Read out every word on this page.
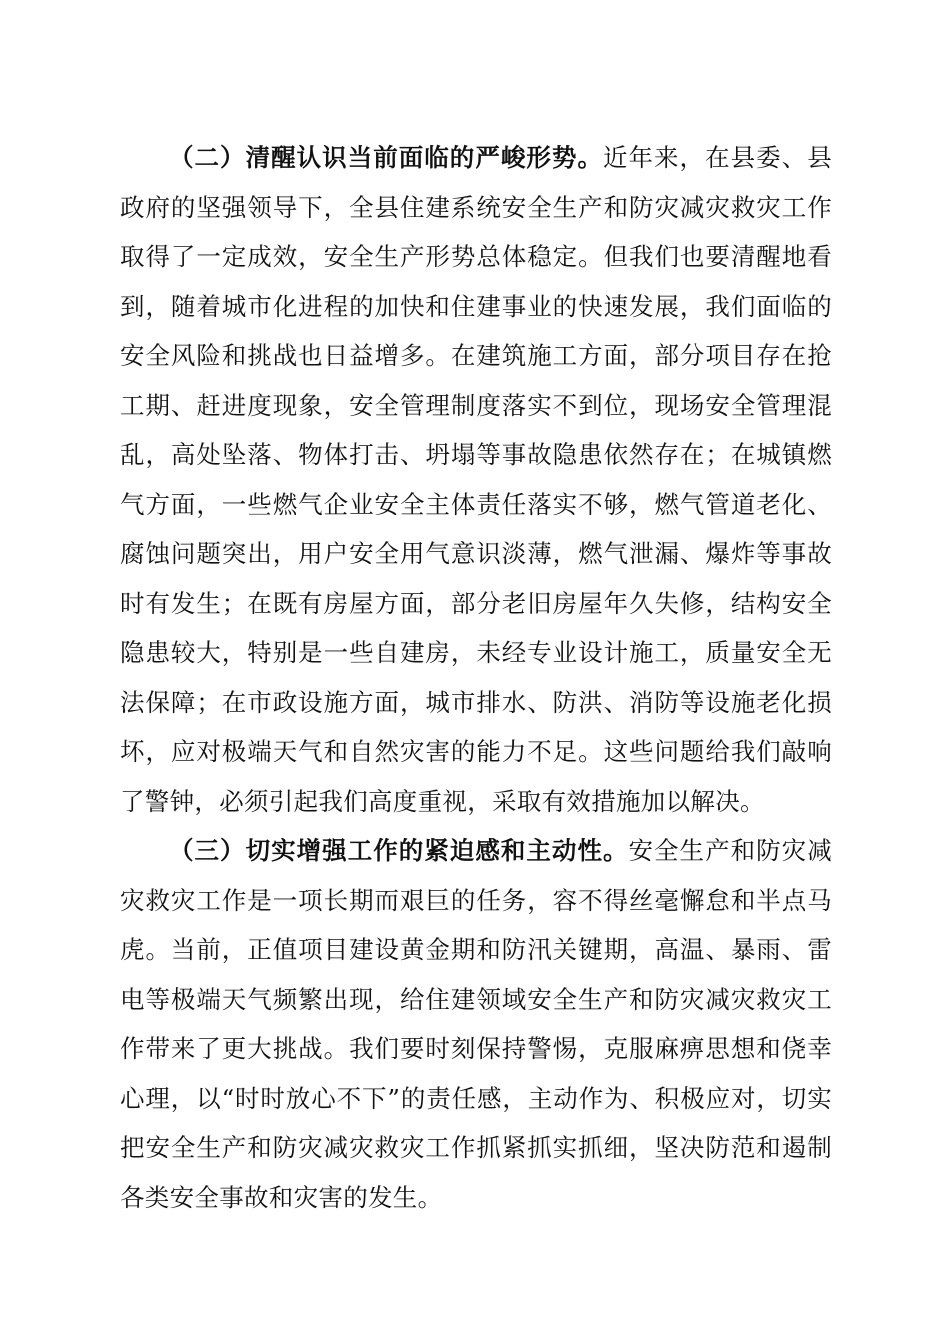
（二）清醒认识当前面临的严峻形势。近年来，在县委、县政府的坚强领导下，全县住建系统安全生产和防灾减灾救灾工作取得了一定成效，安全生产形势总体稳定。但我们也要清醒地看到，随着城市化进程的加快和住建事业的快速发展，我们面临的安全风险和挑战也日益增多。在建筑施工方面，部分项目存在抢工期、赶进度现象，安全管理制度落实不到位，现场安全管理混乱，高处坠落、物体打击、坍塌等事故隐患依然存在；在城镇燃气方面，一些燃气企业安全主体责任落实不够，燃气管道老化、腐蚀问题突出，用户安全用气意识淡薄，燃气泄漏、爆炸等事故时有发生；在既有房屋方面，部分老旧房屋年久失修，结构安全隐患较大，特别是一些自建房，未经专业设计施工，质量安全无法保障；在市政设施方面，城市排水、防洪、消防等设施老化损坏，应对极端天气和自然灾害的能力不足。这些问题给我们敲响了警钟，必须引起我们高度重视，采取有效措施加以解决。

（三）切实增强工作的紧迫感和主动性。安全生产和防灾减灾救灾工作是一项长期而艰巨的任务，容不得丝毫懈怠和半点马虎。当前，正值项目建设黄金期和防汛关键期，高温、暴雨、雷电等极端天气频繁出现，给住建领域安全生产和防灾减灾救灾工作带来了更大挑战。我们要时刻保持警惕，克服麻痹思想和侥幸心理，以“时时放心不下”的责任感，主动作为、积极应对，切实把安全生产和防灾减灾救灾工作抓紧抓实抓细，坚决防范和遏制各类安全事故和灾害的发生。
